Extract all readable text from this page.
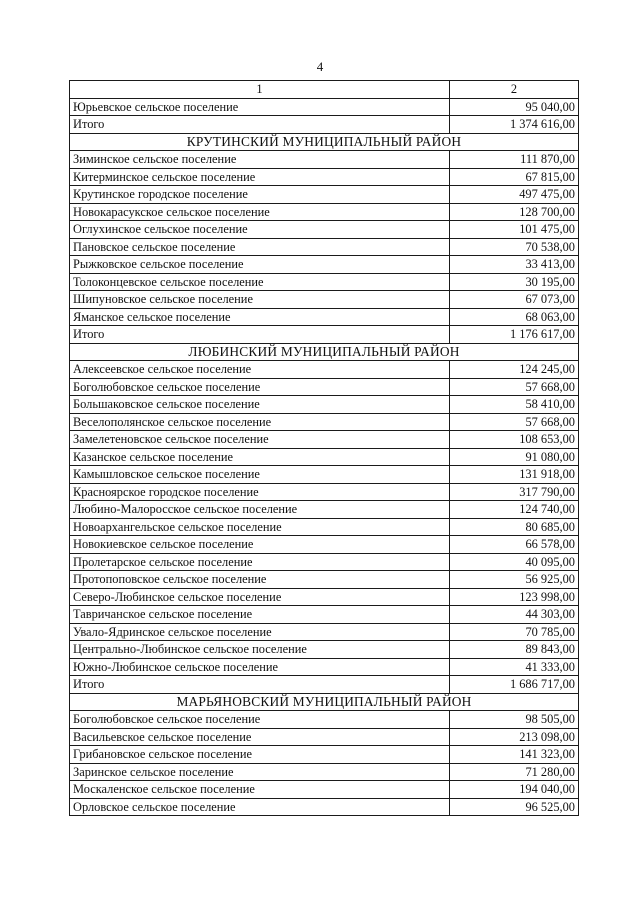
4
1	2
Юрьевское сельское поселение	95 040,00
Итого	1 374 616,00
КРУТИНСКИЙ МУНИЦИПАЛЬНЫЙ РАЙОН	
Зиминское сельское поселение	111 870,00
Китерминское сельское поселение	67 815,00
Крутинское городское поселение	497 475,00
Новокарасукское сельское поселение	128 700,00
Оглухинское сельское поселение	101 475,00
Пановское сельское поселение	70 538,00
Рыжковское сельское поселение	33 413,00
Толоконцевское сельское поселение	30 195,00
Шипуновское сельское поселение	67 073,00
Яманское сельское поселение	68 063,00
Итого	1 176 617,00
ЛЮБИНСКИЙ МУНИЦИПАЛЬНЫЙ РАЙОН	
Алексеевское сельское поселение	124 245,00
Боголюбовское сельское поселение	57 668,00
Большаковское сельское поселение	58 410,00
Веселополянское сельское поселение	57 668,00
Замелетеновское сельское поселение	108 653,00
Казанское сельское поселение	91 080,00
Камышловское сельское поселение	131 918,00
Красноярское городское поселение	317 790,00
Любино-Малоросское сельское поселение	124 740,00
Новоархангельское сельское поселение	80 685,00
Новокиевское сельское поселение	66 578,00
Пролетарское сельское поселение	40 095,00
Протопоповское сельское поселение	56 925,00
Северо-Любинское сельское поселение	123 998,00
Тавричанское сельское поселение	44 303,00
Увало-Ядринское сельское поселение	70 785,00
Центрально-Любинское сельское поселение	89 843,00
Южно-Любинское сельское поселение	41 333,00
Итого	1 686 717,00
МАРЬЯНОВСКИЙ МУНИЦИПАЛЬНЫЙ РАЙОН	
Боголюбовское сельское поселение	98 505,00
Васильевское сельское поселение	213 098,00
Грибановское сельское поселение	141 323,00
Заринское сельское поселение	71 280,00
Москаленское сельское поселение	194 040,00
Орловское сельское поселение	96 525,00
